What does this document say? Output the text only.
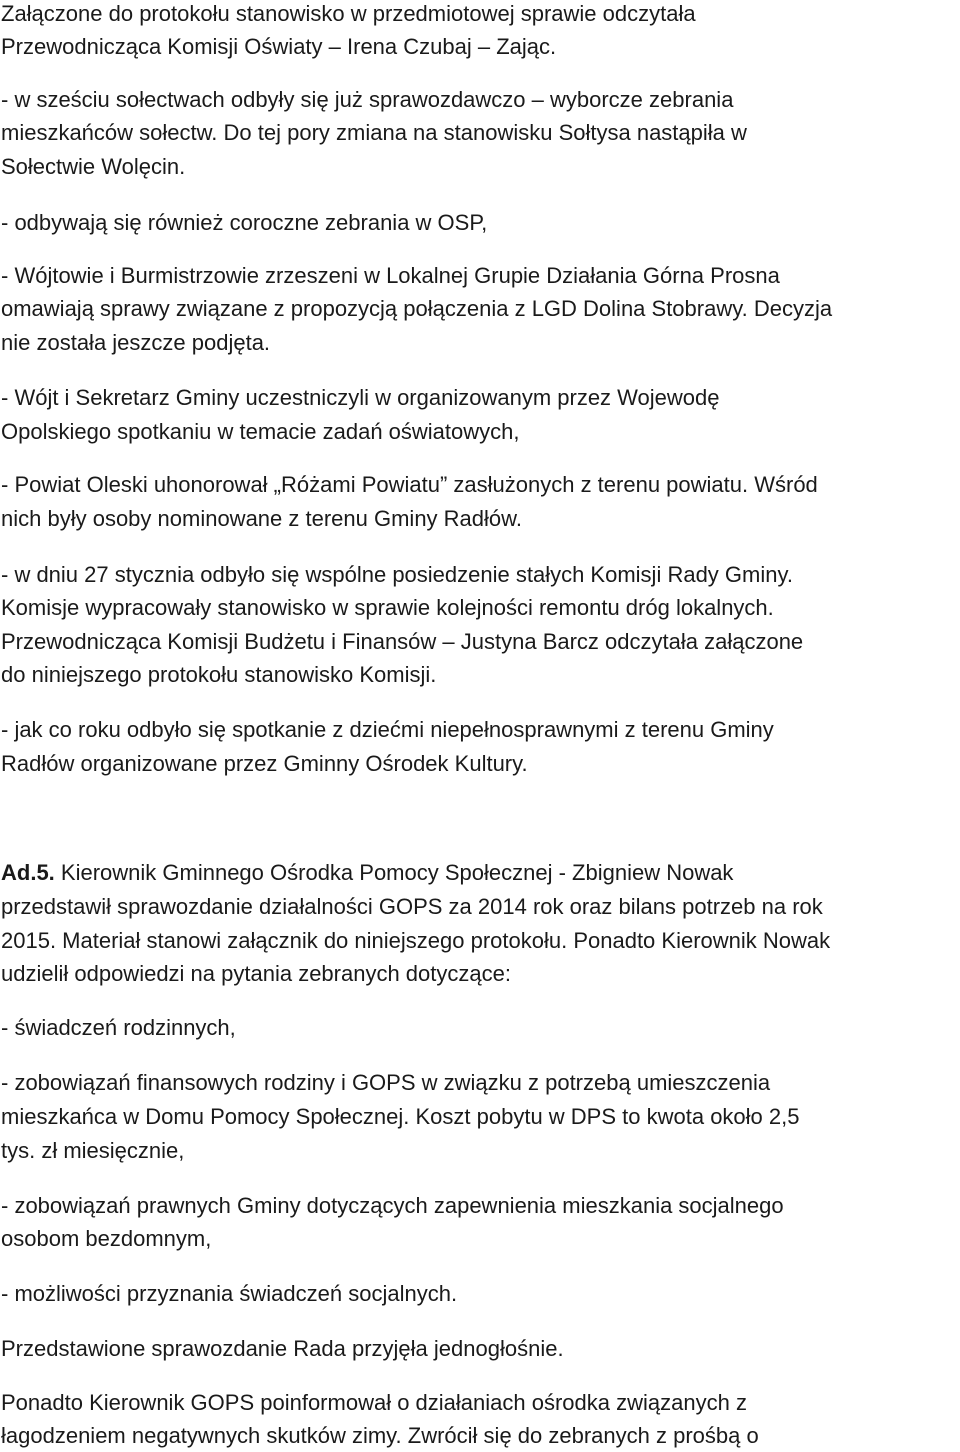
Załączone do protokołu stanowisko w przedmiotowej sprawie odczytała
Przewodnicząca Komisji Oświaty – Irena Czubaj – Zając.
- w sześciu sołectwach odbyły się już sprawozdawczo – wyborcze zebrania
mieszkańców sołectw. Do tej pory zmiana na stanowisku Sołtysa nastąpiła w
Sołectwie Wolęcin.
- odbywają się również coroczne zebrania w OSP,
- Wójtowie i Burmistrzowie zrzeszeni w Lokalnej Grupie Działania Górna Prosna
omawiają sprawy związane z propozycją połączenia z LGD Dolina Stobrawy. Decyzja
nie została jeszcze podjęta.
- Wójt i Sekretarz Gminy uczestniczyli w organizowanym przez Wojewodę
Opolskiego spotkaniu w temacie zadań oświatowych,
- Powiat Oleski uhonorował „Różami Powiatu” zasłużonych z terenu powiatu. Wśród
nich były osoby nominowane z terenu Gminy Radłów.
- w dniu 27 stycznia odbyło się wspólne posiedzenie stałych Komisji Rady Gminy.
Komisje wypracowały stanowisko w sprawie kolejności remontu dróg lokalnych.
Przewodnicząca Komisji Budżetu i Finansów – Justyna Barcz odczytała załączone
do niniejszego protokołu stanowisko Komisji.
- jak co roku odbyło się spotkanie z dziećmi niepełnosprawnymi z terenu Gminy
Radłów organizowane przez Gminny Ośrodek Kultury.
Ad.5. Kierownik Gminnego Ośrodka Pomocy Społecznej - Zbigniew Nowak
przedstawił sprawozdanie działalności GOPS za 2014 rok oraz bilans potrzeb na rok
2015. Materiał stanowi załącznik do niniejszego protokołu. Ponadto Kierownik Nowak
udzielił odpowiedzi na pytania zebranych dotyczące:
- świadczeń rodzinnych,
- zobowiązań finansowych rodziny i GOPS w związku z potrzebą umieszczenia
mieszkańca w Domu Pomocy Społecznej. Koszt pobytu w DPS to kwota około 2,5
tys. zł miesięcznie,
- zobowiązań prawnych Gminy dotyczących zapewnienia mieszkania socjalnego
osobom bezdomnym,
- możliwości przyznania świadczeń socjalnych.
Przedstawione sprawozdanie Rada przyjęła jednogłośnie.
Ponadto Kierownik GOPS poinformował o działaniach ośrodka związanych z
łagodzeniem negatywnych skutków zimy. Zwrócił się do zebranych z prośbą o
